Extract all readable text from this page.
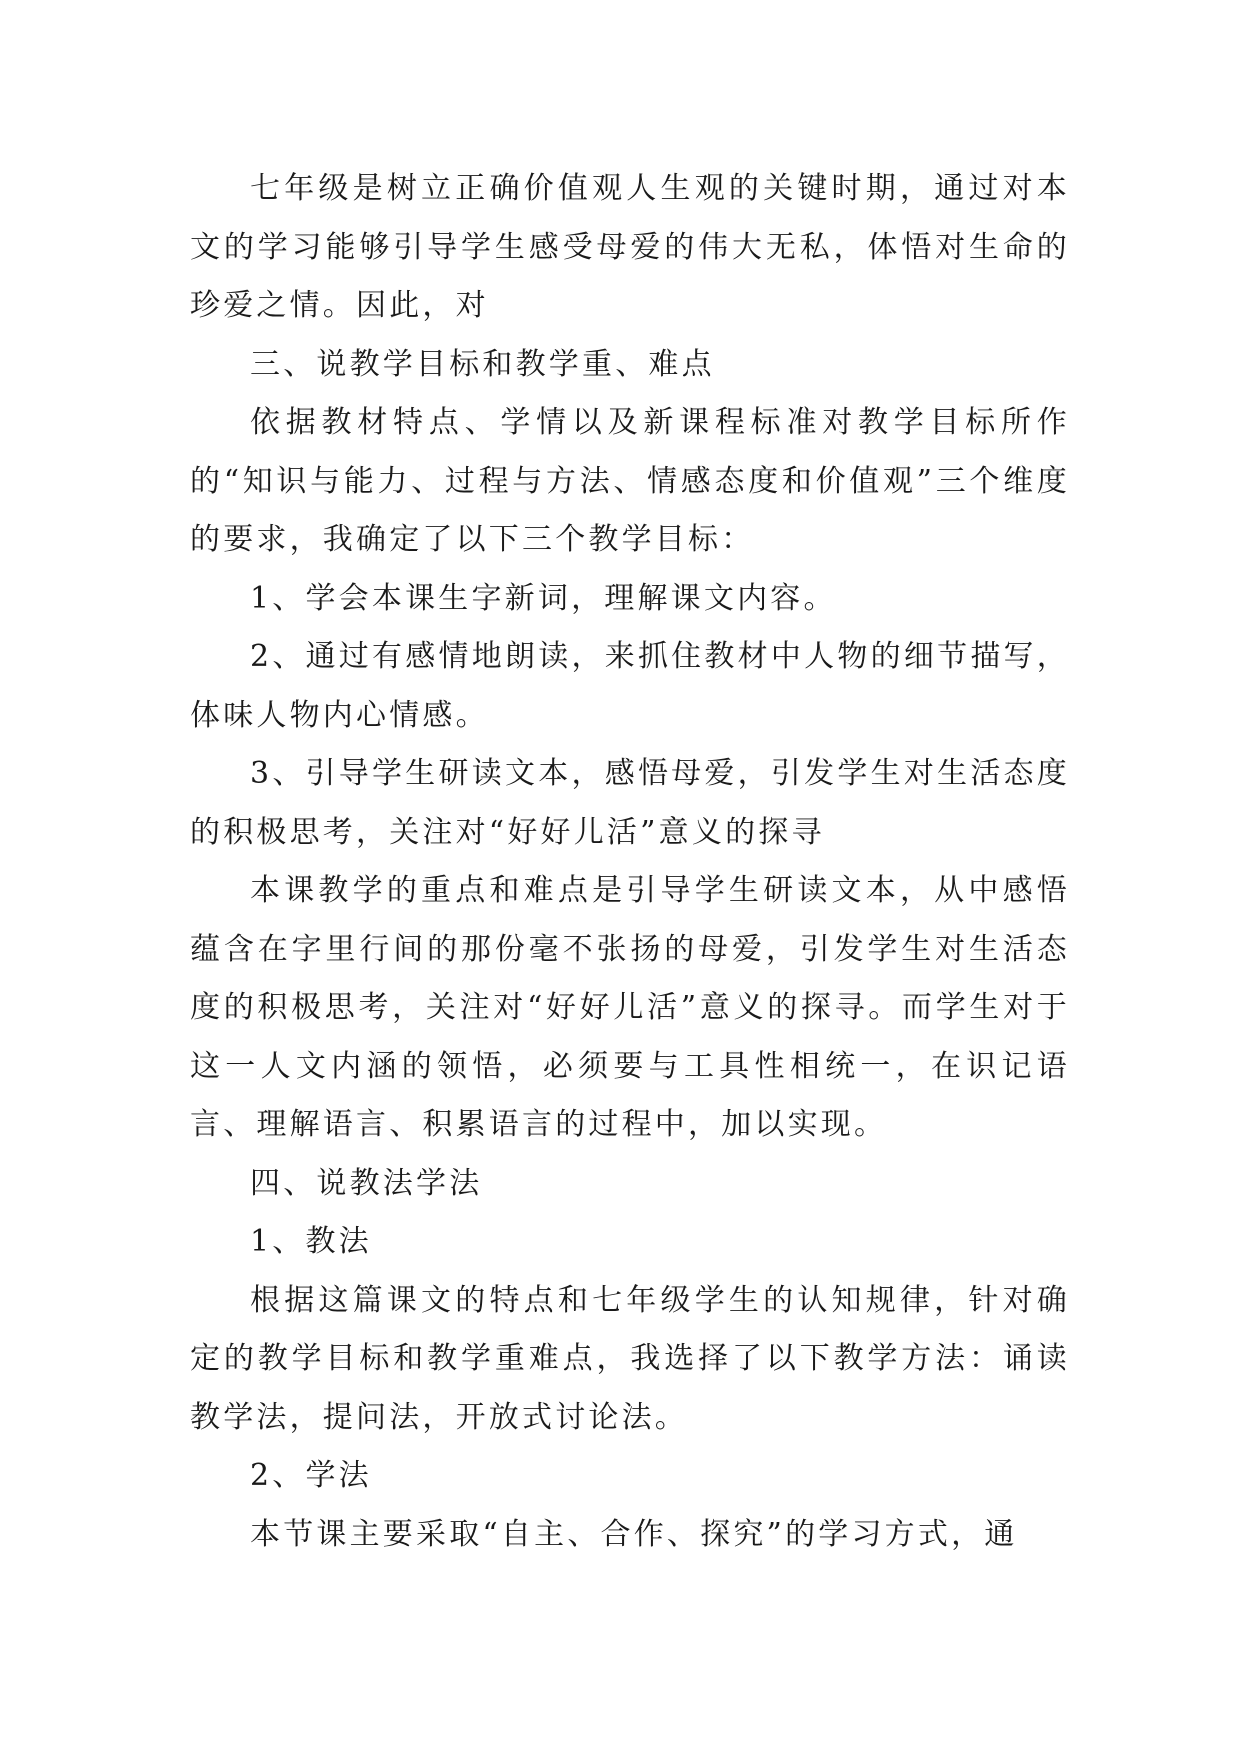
七年级是树立正确价值观人生观的关键时期，通过对本文的学习能够引导学生感受母爱的伟大无私，体悟对生命的珍爱之情。因此，对

三、说教学目标和教学重、难点

依据教材特点、学情以及新课程标准对教学目标所作的“知识与能力、过程与方法、情感态度和价值观”三个维度的要求，我确定了以下三个教学目标：

1、学会本课生字新词，理解课文内容。

2、通过有感情地朗读，来抓住教材中人物的细节描写，体味人物内心情感。

3、引导学生研读文本，感悟母爱，引发学生对生活态度的积极思考，关注对“好好儿活”意义的探寻

本课教学的重点和难点是引导学生研读文本，从中感悟蕴含在字里行间的那份毫不张扬的母爱，引发学生对生活态度的积极思考，关注对“好好儿活”意义的探寻。而学生对于这一人文内涵的领悟，必须要与工具性相统一，在识记语言、理解语言、积累语言的过程中，加以实现。

四、说教法学法

1、教法

根据这篇课文的特点和七年级学生的认知规律，针对确定的教学目标和教学重难点，我选择了以下教学方法：诵读教学法，提问法，开放式讨论法。

2、学法

本节课主要采取“自主、合作、探究”的学习方式，通
